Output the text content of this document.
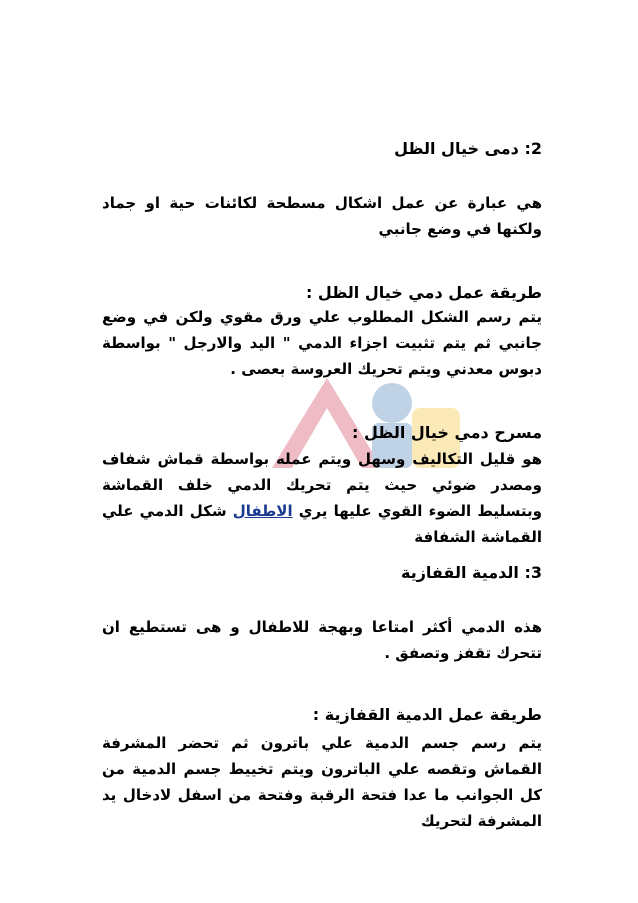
2: دمى خيال الظل

هي عبارة عن عمل اشكال مسطحة لكائنات حية او جماد ولكنها في وضع جانبي

طريقة عمل دمي خيال الظل :

يتم رسم الشكل المطلوب علي ورق مقوي ولكن في وضع جانبي ثم يتم تثبيت اجزاء الدمي " اليد والارجل " بواسطة دبوس معدني ويتم تحريك العروسة بعصى .

مسرح دمي خيال الظل :

هو قليل التكاليف وسهل ويتم عمله بواسطة قماش شفاف ومصدر ضوئي حيث يتم تحريك الدمي خلف القماشة وبتسليط الضوء القوي عليها يري الاطفال شكل الدمي علي القماشة الشفافة

3: الدمية القفازية

هذه الدمي أكثر امتاعا وبهجة للاطفال و هى تستطيع ان تتحرك تقفز وتصفق .

طريقة عمل الدمية القفازية :

يتم رسم جسم الدمية علي باترون ثم تحضر المشرفة القماش وتقصه علي الباترون ويتم تخييط جسم الدمية من كل الجوانب ما عدا فتحة الرقبة وفتحة من اسفل لادخال يد المشرفة لتحريك
